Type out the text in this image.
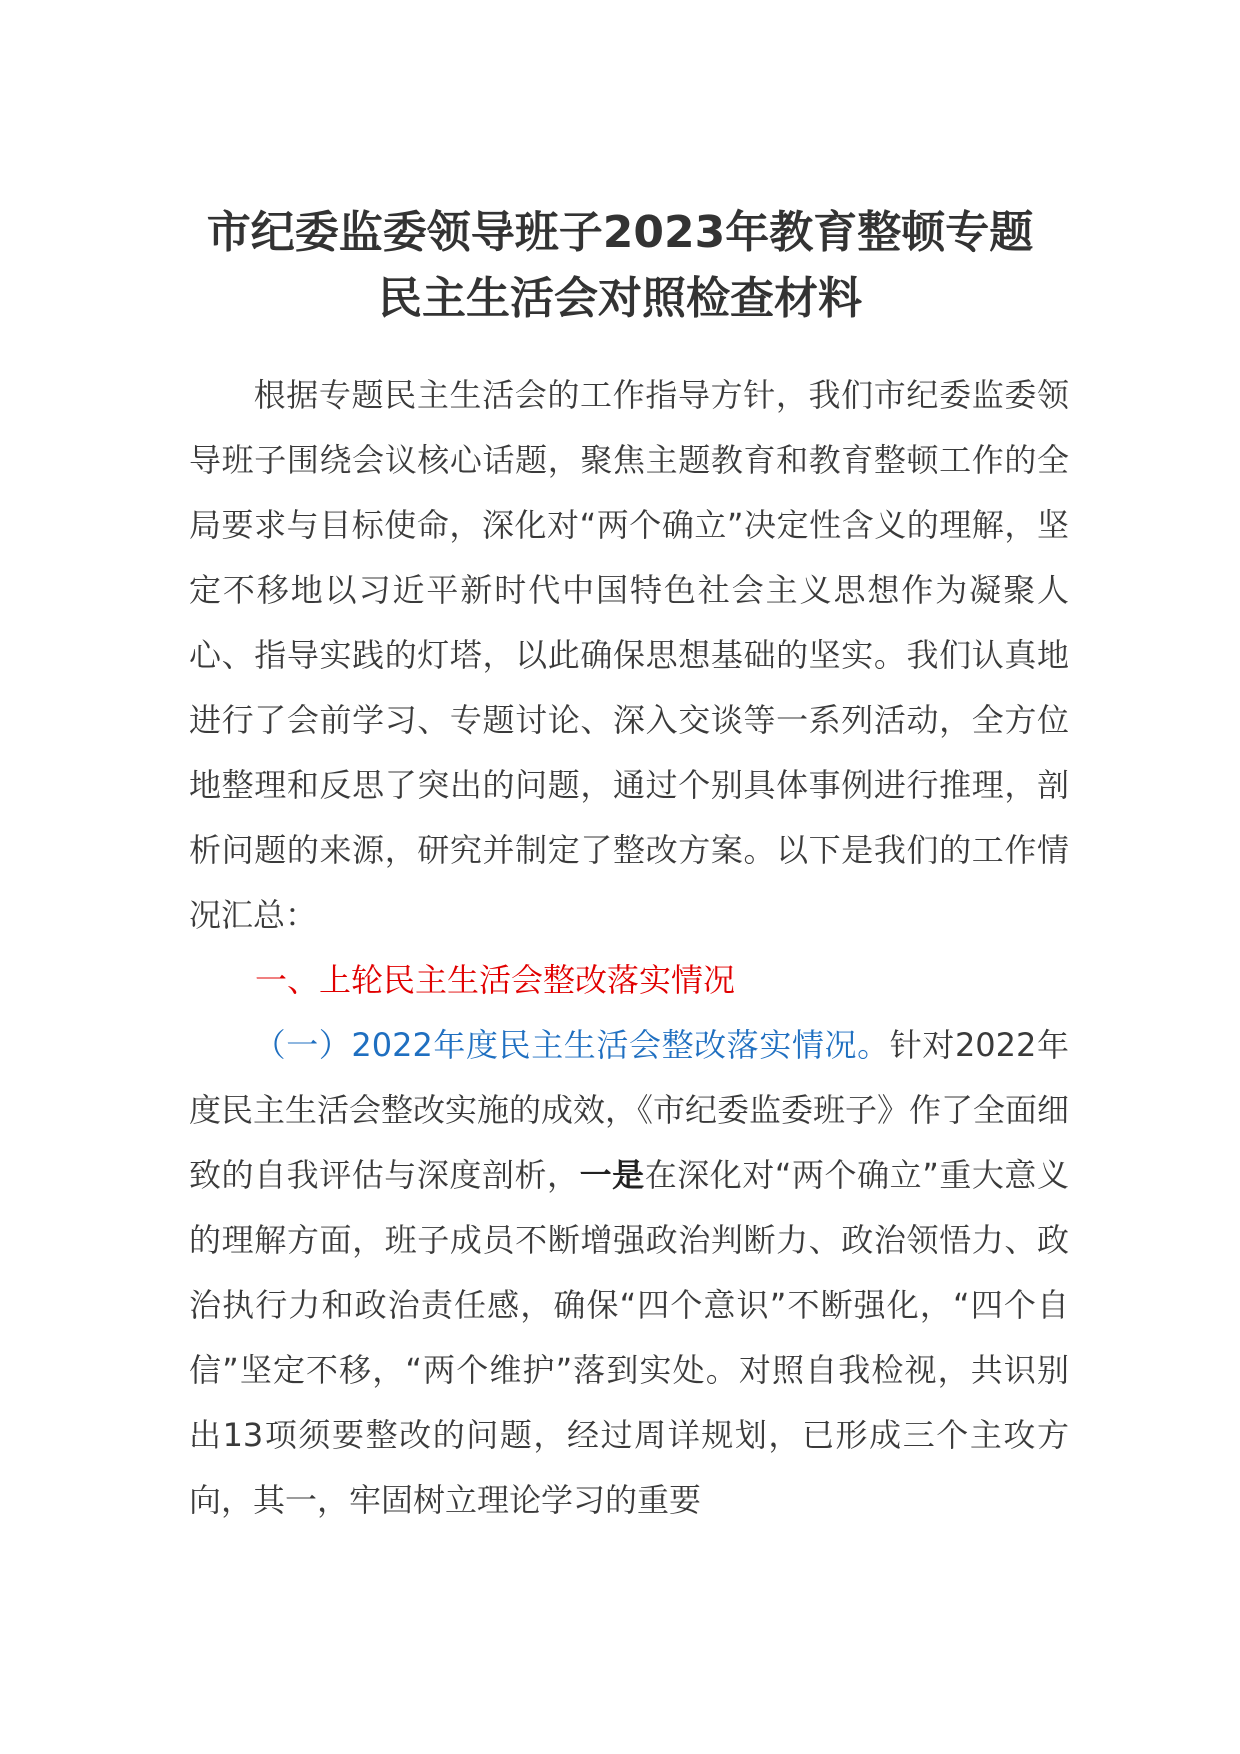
市纪委监委领导班子2023年教育整顿专题
民主生活会对照检查材料
根据专题民主生活会的工作指导方针，我们市纪委监委领导班子围绕会议核心话题，聚焦主题教育和教育整顿工作的全局要求与目标使命，深化对“两个确立”决定性含义的理解，坚定不移地以习近平新时代中国特色社会主义思想作为凝聚人心、指导实践的灯塔，以此确保思想基础的坚实。我们认真地进行了会前学习、专题讨论、深入交谈等一系列活动，全方位地整理和反思了突出的问题，通过个别具体事例进行推理，剖析问题的来源，研究并制定了整改方案。以下是我们的工作情况汇总：
一、上轮民主生活会整改落实情况
（一）2022年度民主生活会整改落实情况。针对2022年度民主生活会整改实施的成效，《市纪委监委班子》作了全面细致的自我评估与深度剖析，一是在深化对“两个确立”重大意义的理解方面，班子成员不断增强政治判断力、政治领悟力、政治执行力和政治责任感，确保“四个意识”不断强化，“四个自信”坚定不移，“两个维护”落到实处。对照自我检视，共识别出13项须要整改的问题，经过周详规划，已形成三个主攻方向，其一，牢固树立理论学习的重要
